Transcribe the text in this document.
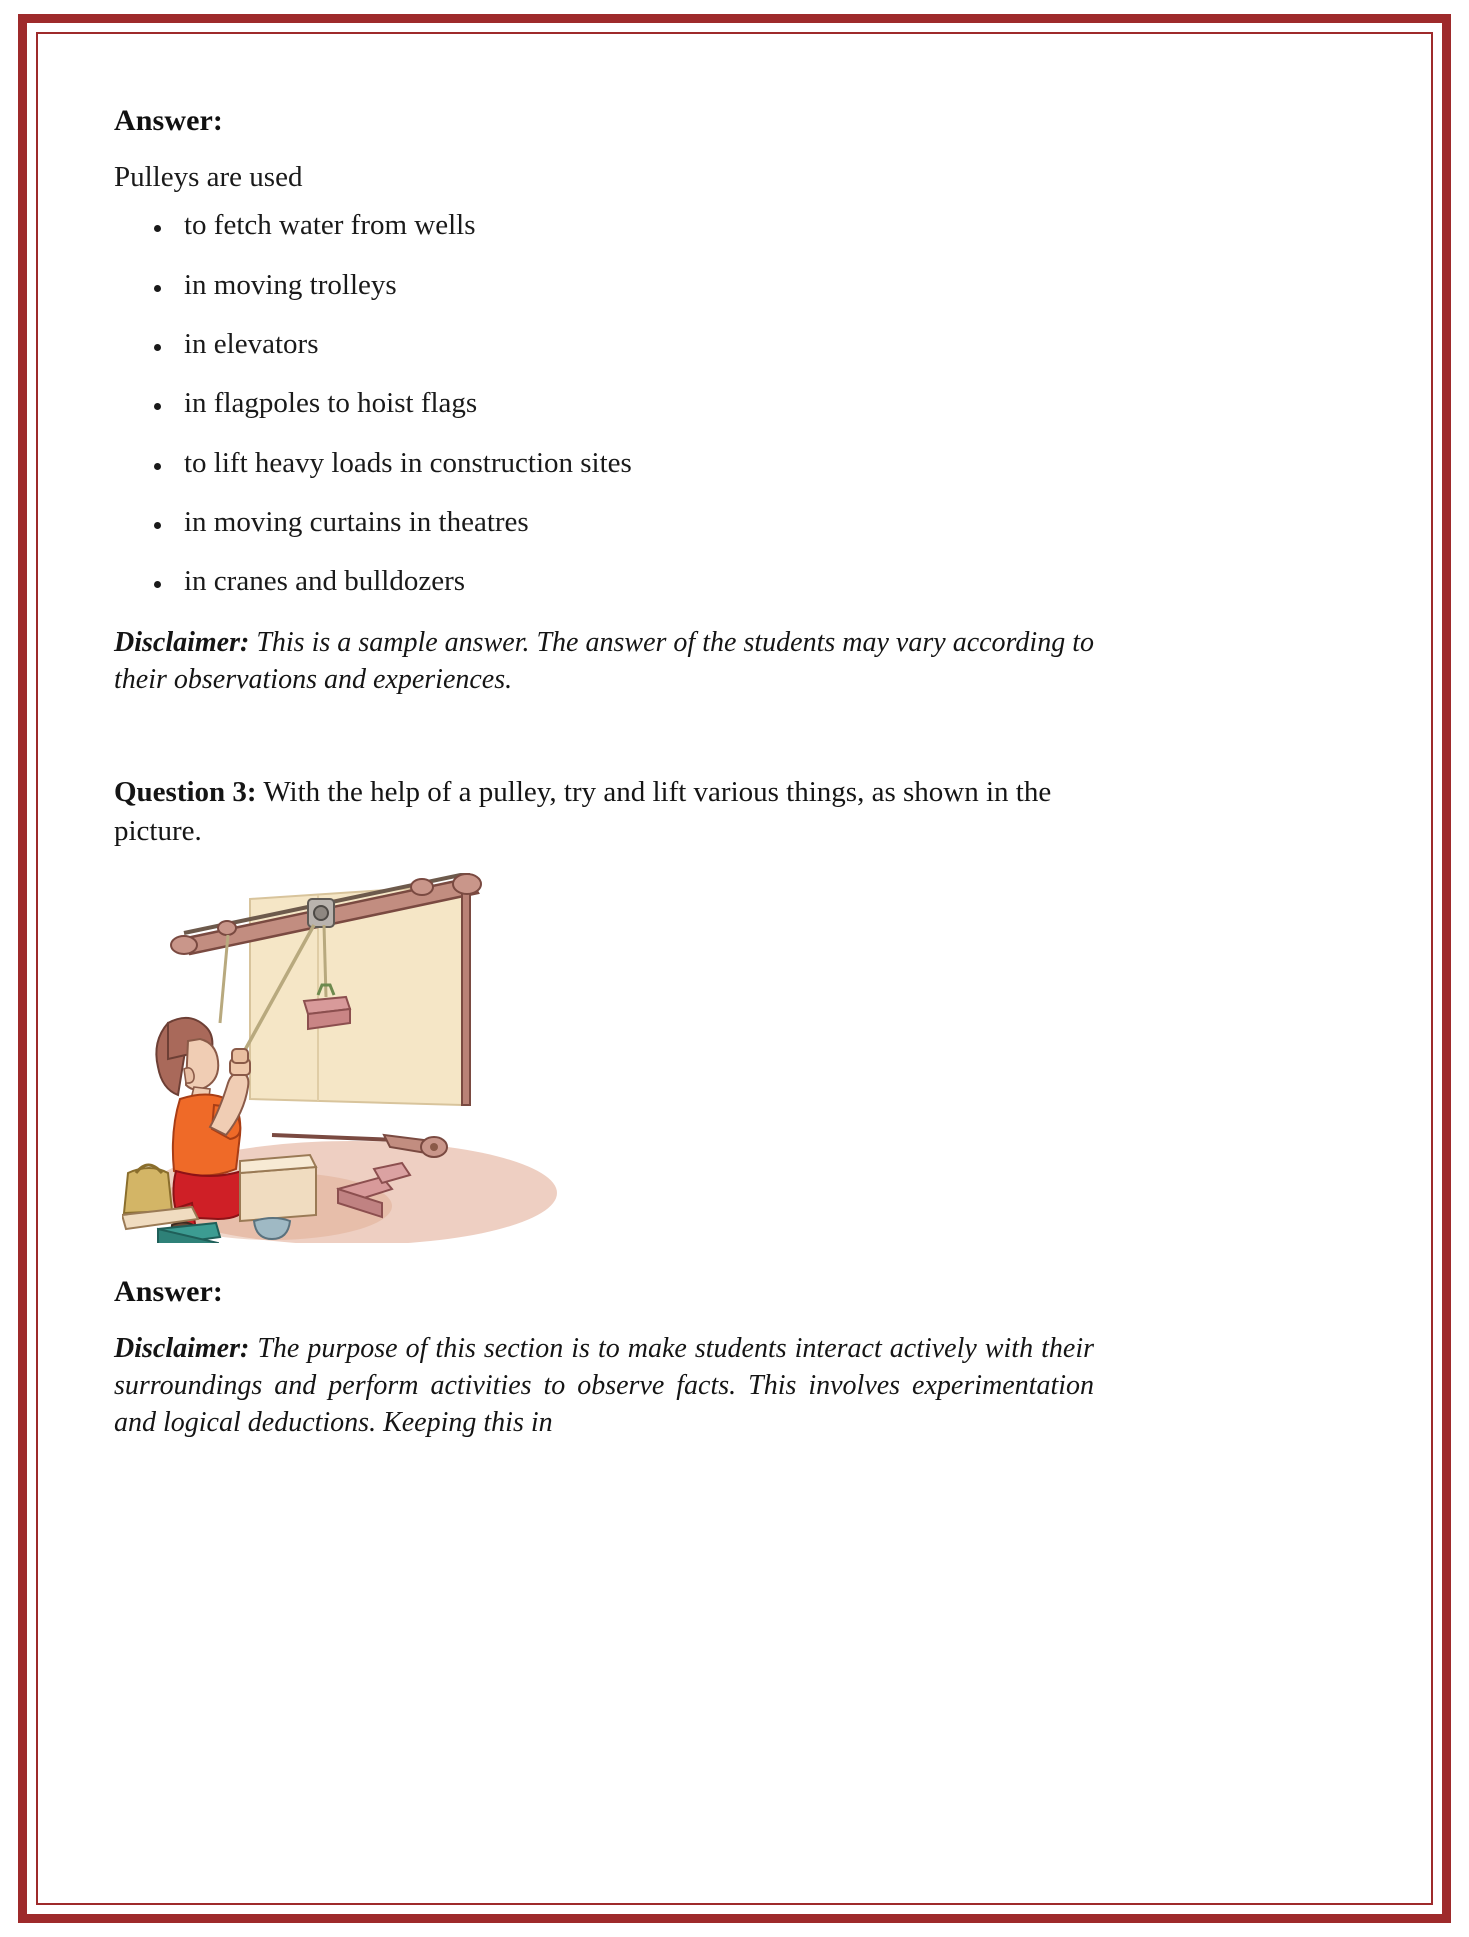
Answer:

Pulleys are used

to fetch water from wells
in moving trolleys
in elevators
in flagpoles to hoist flags
to lift heavy loads in construction sites
in moving curtains in theatres
in cranes and bulldozers

Disclaimer: This is a sample answer. The answer of the students may vary according to their observations and experiences.

Question 3: With the help of a pulley, try and lift various things, as shown in the picture.

Answer:

Disclaimer: The purpose of this section is to make students interact actively with their surroundings and perform activities to observe facts. This involves experimentation and logical deductions. Keeping this in
